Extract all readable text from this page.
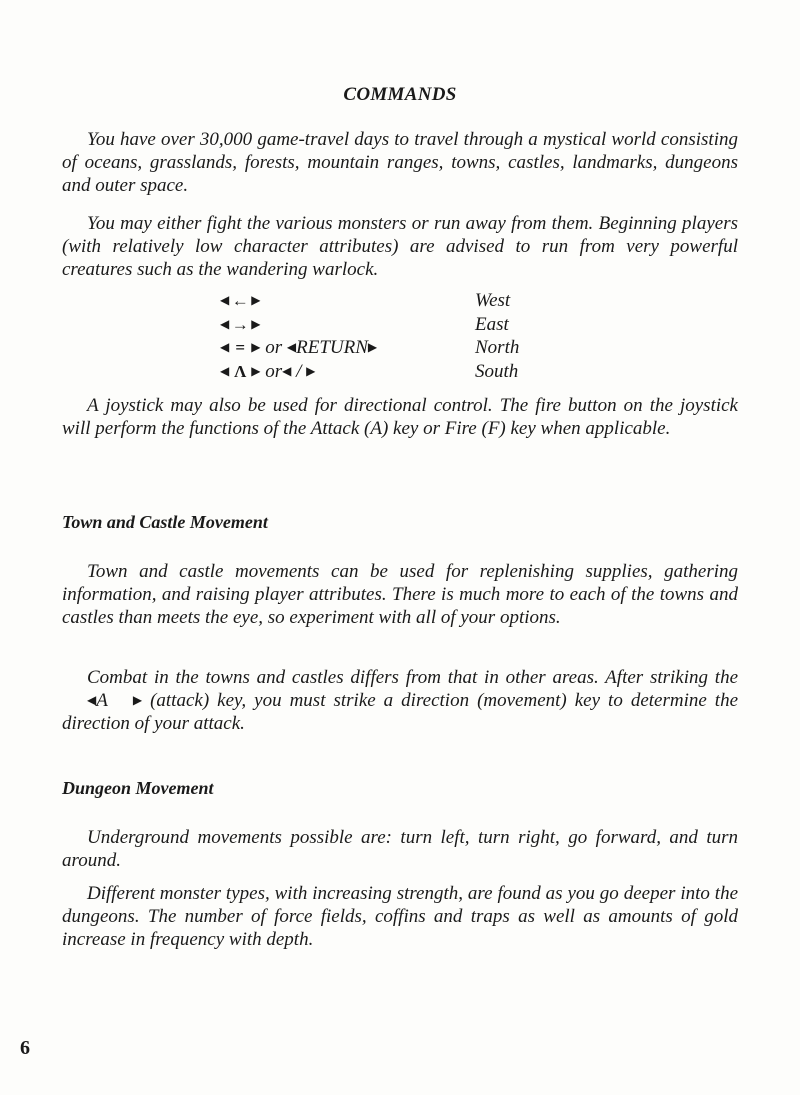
COMMANDS

You have over 30,000 game-travel days to travel through a mystical world consisting of oceans, grasslands, forests, mountain ranges, towns, castles, landmarks, dungeons and outer space.

You may either fight the various monsters or run away from them. Beginning players (with relatively low character attributes) are advised to run from very powerful creatures such as the wandering warlock.

◀ ← ▶	West
◀ → ▶	East
◀ = ▶ or ◀RETURN▶	North
◀ Λ ▶ or◀ / ▶	South

A joystick may also be used for directional control. The fire button on the joystick will perform the functions of the Attack (A) key or Fire (F) key when applicable.

Town and Castle Movement

Town and castle movements can be used for replenishing supplies, gathering information, and raising player attributes. There is much more to each of the towns and castles than meets the eye, so experiment with all of your options.

Combat in the towns and castles differs from that in other areas. After striking the ◀A ▶ (attack) key, you must strike a direction (movement) key to determine the direction of your attack.

Dungeon Movement

Underground movements possible are: turn left, turn right, go forward, and turn around.

Different monster types, with increasing strength, are found as you go deeper into the dungeons. The number of force fields, coffins and traps as well as amounts of gold increase in frequency with depth.

6
